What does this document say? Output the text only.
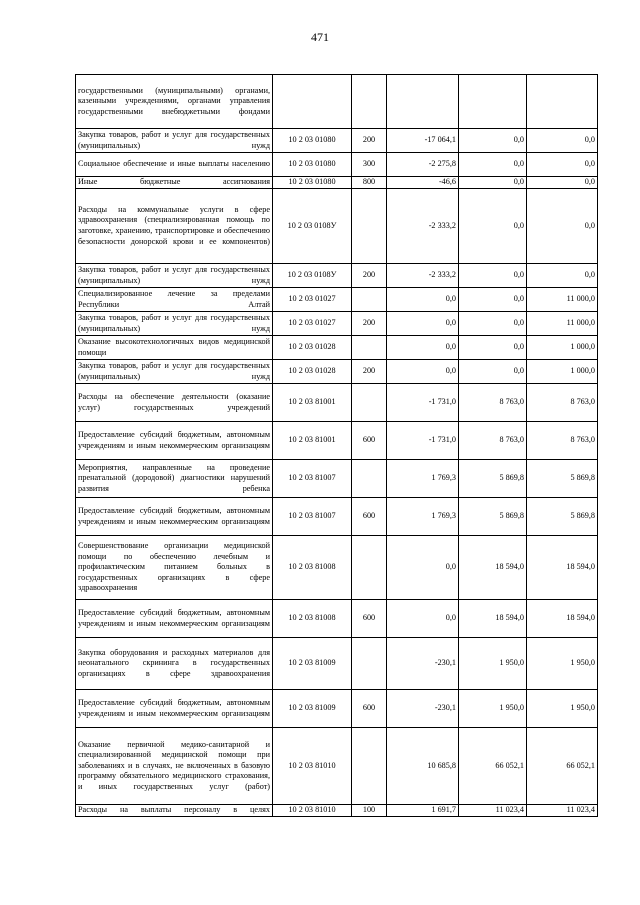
471
государственными (муниципальными) органами, казенными учреждениями, органами управления государственными внебюджетными фондами					
Закупка товаров, работ и услуг для государственных (муниципальных) нужд	10 2 03 01080	200	-17 064,1	0,0	0,0
Социальное обеспечение и иные выплаты населению	10 2 03 01080	300	-2 275,8	0,0	0,0
Иные бюджетные ассигнования	10 2 03 01080	800	-46,6	0,0	0,0
Расходы на коммунальные услуги в сфере здравоохранения (специализированная помощь по заготовке, хранению, транспортировке и обеспечению безопасности донорской крови и ее компонентов)	10 2 03 0108У		-2 333,2	0,0	0,0
Закупка товаров, работ и услуг для государственных (муниципальных) нужд	10 2 03 0108У	200	-2 333,2	0,0	0,0
Специализированное лечение за пределами Республики Алтай	10 2 03 01027		0,0	0,0	11 000,0
Закупка товаров, работ и услуг для государственных (муниципальных) нужд	10 2 03 01027	200	0,0	0,0	11 000,0
Оказание высокотехнологичных видов медицинской помощи	10 2 03 01028		0,0	0,0	1 000,0
Закупка товаров, работ и услуг для государственных (муниципальных) нужд	10 2 03 01028	200	0,0	0,0	1 000,0
Расходы на обеспечение деятельности (оказание услуг) государственных учреждений	10 2 03 81001		-1 731,0	8 763,0	8 763,0
Предоставление субсидий бюджетным, автономным учреждениям и иным некоммерческим организациям	10 2 03 81001	600	-1 731,0	8 763,0	8 763,0
Мероприятия, направленные на проведение пренатальной (дородовой) диагностики нарушений развития ребенка	10 2 03 81007		1 769,3	5 869,8	5 869,8
Предоставление субсидий бюджетным, автономным учреждениям и иным некоммерческим организациям	10 2 03 81007	600	1 769,3	5 869,8	5 869,8
Совершенствование организации медицинской помощи по обеспечению лечебным и профилактическим питанием больных в государственных организациях в сфере здравоохранения	10 2 03 81008		0,0	18 594,0	18 594,0
Предоставление субсидий бюджетным, автономным учреждениям и иным некоммерческим организациям	10 2 03 81008	600	0,0	18 594,0	18 594,0
Закупка оборудования и расходных материалов для неонатального скрининга в государственных организациях в сфере здравоохранения	10 2 03 81009		-230,1	1 950,0	1 950,0
Предоставление субсидий бюджетным, автономным учреждениям и иным некоммерческим организациям	10 2 03 81009	600	-230,1	1 950,0	1 950,0
Оказание первичной медико-санитарной и специализированной медицинской помощи при заболеваниях и в случаях, не включенных в базовую программу обязательного медицинского страхования, и иных государственных услуг (работ)	10 2 03 81010		10 685,8	66 052,1	66 052,1
Расходы на выплаты персоналу в целях	10 2 03 81010	100	1 691,7	11 023,4	11 023,4
